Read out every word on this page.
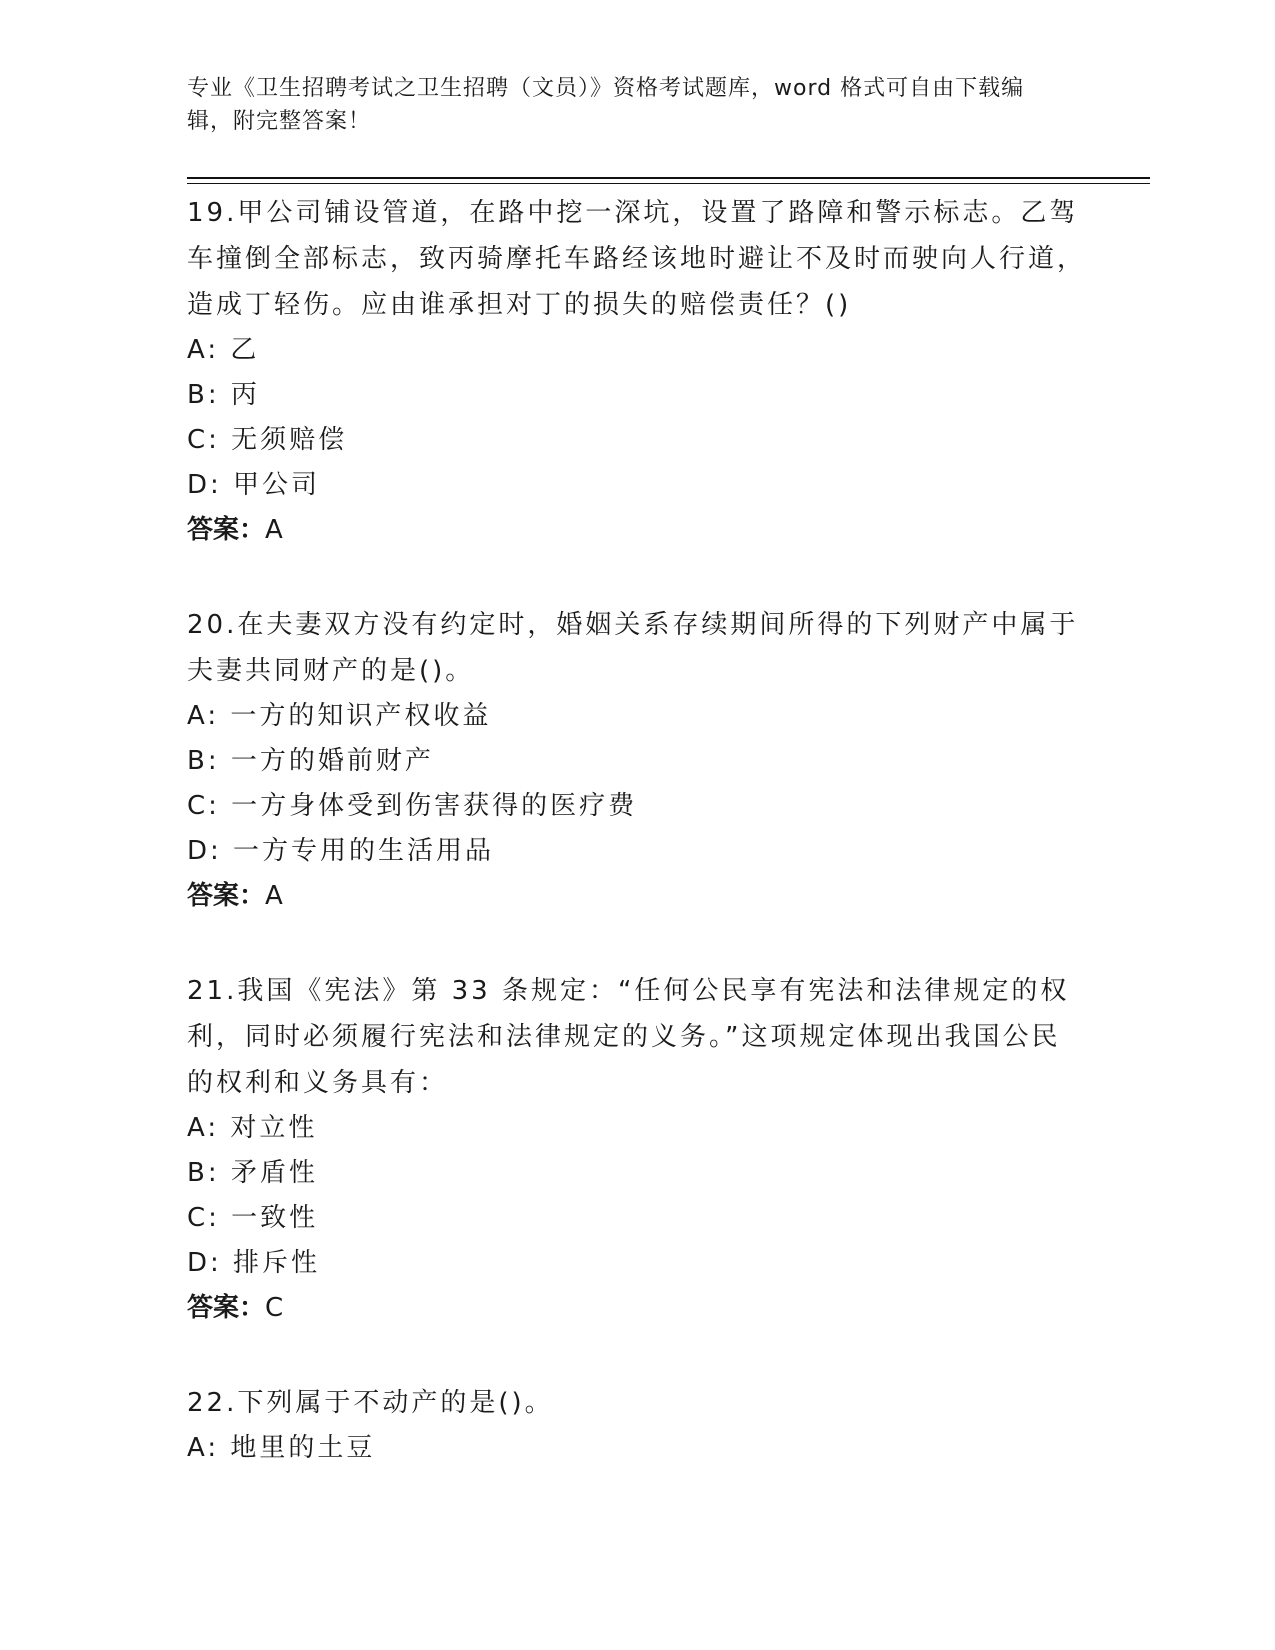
专业《卫生招聘考试之卫生招聘（文员）》资格考试题库，word 格式可自由下载编辑，附完整答案！

19.甲公司铺设管道，在路中挖一深坑，设置了路障和警示标志。乙驾车撞倒全部标志，致丙骑摩托车路经该地时避让不及时而驶向人行道，造成丁轻伤。应由谁承担对丁的损失的赔偿责任？()

A: 乙

B: 丙

C: 无须赔偿

D: 甲公司

答案：A

20.在夫妻双方没有约定时，婚姻关系存续期间所得的下列财产中属于夫妻共同财产的是()。

A: 一方的知识产权收益

B: 一方的婚前财产

C: 一方身体受到伤害获得的医疗费

D: 一方专用的生活用品

答案：A

21.我国《宪法》第 33 条规定：“任何公民享有宪法和法律规定的权利，同时必须履行宪法和法律规定的义务。”这项规定体现出我国公民的权利和义务具有：

A: 对立性

B: 矛盾性

C: 一致性

D: 排斥性

答案：C

22.下列属于不动产的是()。

A: 地里的土豆
